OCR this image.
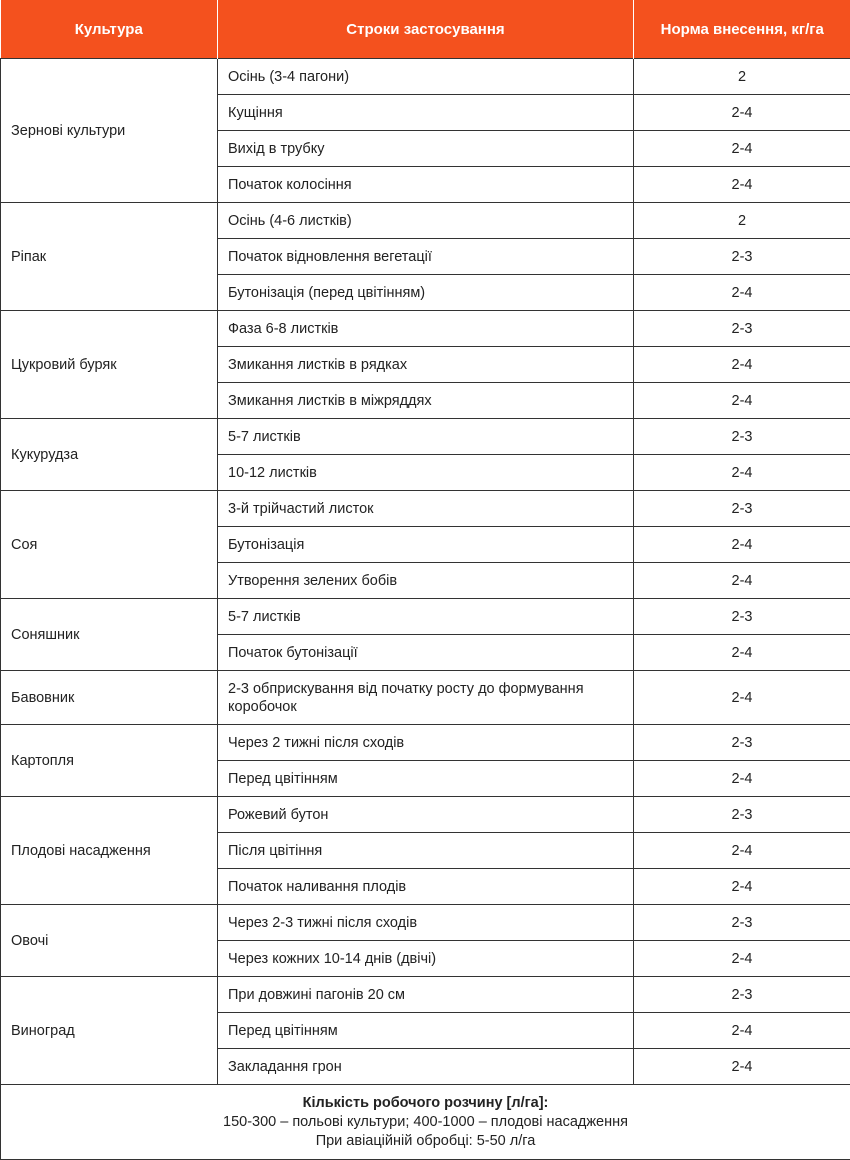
Культура	Строки застосування	Норма внесення, кг/га
Зернові культури	Осінь (3-4 пагони)	2
	Кущіння	2-4
	Вихід в трубку	2-4
	Початок колосіння	2-4
Ріпак	Осінь (4-6 листків)	2
	Початок відновлення вегетації	2-3
	Бутонізація (перед цвітінням)	2-4
Цукровий буряк	Фаза 6-8 листків	2-3
	Змикання листків в рядках	2-4
	Змикання листків в міжряддях	2-4
Кукурудза	5-7 листків	2-3
	10-12 листків	2-4
Соя	3-й трійчастий листок	2-3
	Бутонізація	2-4
	Утворення зелених бобів	2-4
Соняшник	5-7 листків	2-3
	Початок бутонізації	2-4
Бавовник	2-3 обприскування від початку росту до формування коробочок	2-4
Картопля	Через 2 тижні після сходів	2-3
	Перед цвітінням	2-4
Плодові насадження	Рожевий бутон	2-3
	Після цвітіння	2-4
	Початок наливання плодів	2-4
Овочі	Через 2-3 тижні після сходів	2-3
	Через кожних 10-14 днів (двічі)	2-4
Виноград	При довжині пагонів 20 см	2-3
	Перед цвітінням	2-4
	Закладання грон	2-4

Кількість робочого розчину [л/га]:
150-300 – польові культури; 400-1000 – плодові насадження
При авіаційній обробці: 5-50 л/га		
